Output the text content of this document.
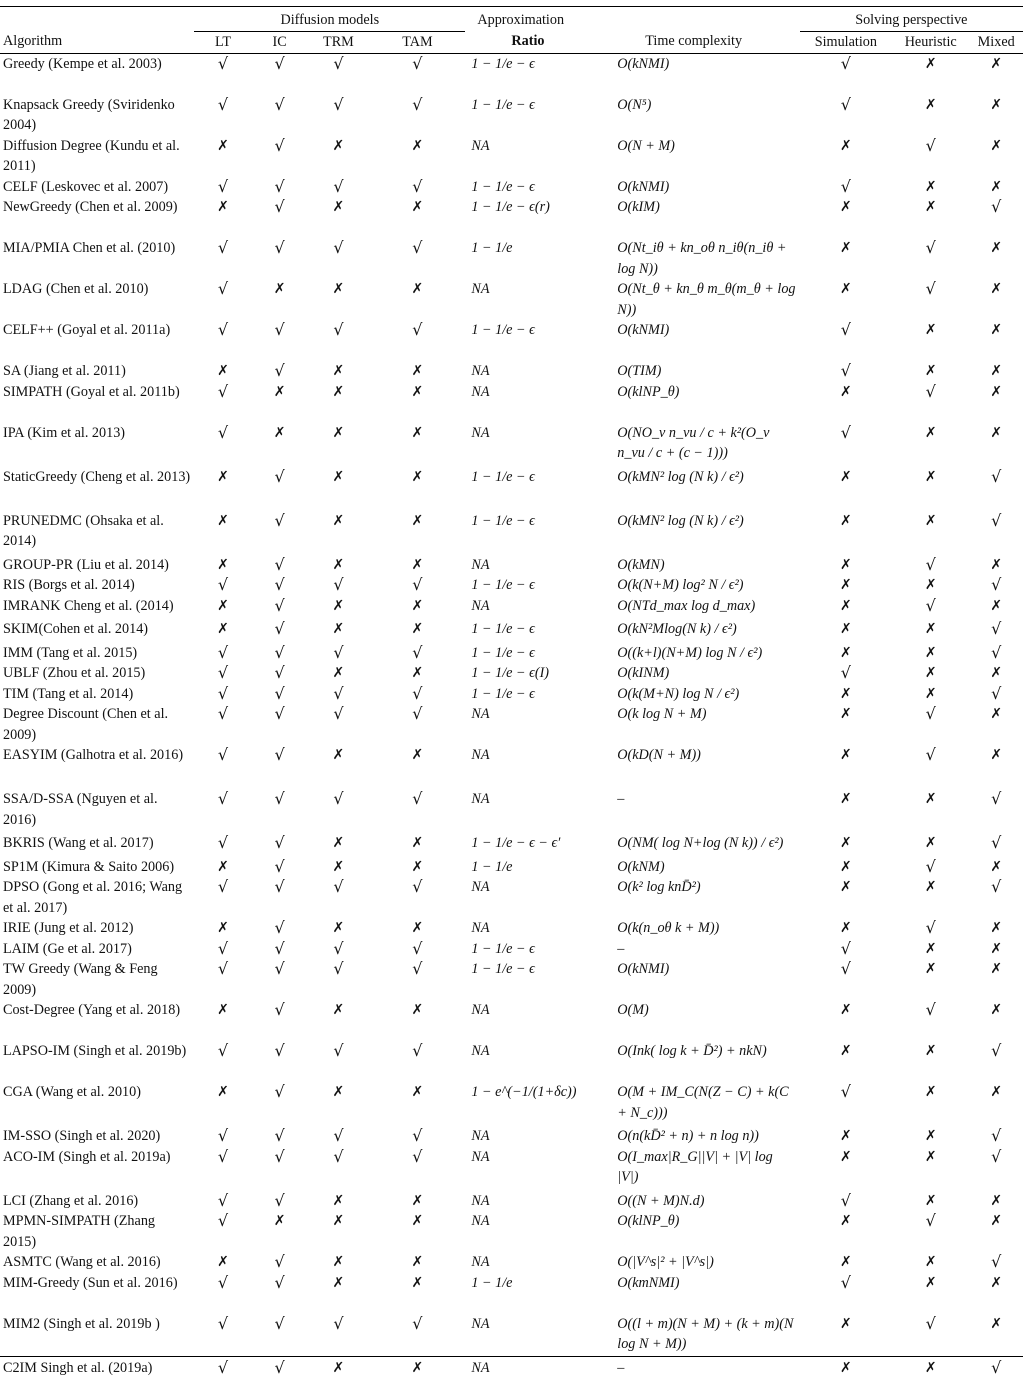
	Diffusion models				Approximation		Solving perspective		
Algorithm	LT	IC	TRM	TAM	Ratio	Time complexity	Simulation	Heuristic	Mixed
Greedy (Kempe et al. 2003)	√	√	√	√	1 − 1/e − ϵ	O(kNMI)	√	✗	✗
Knapsack Greedy (Sviridenko 2004)	√	√	√	√	1 − 1/e − ϵ	O(N⁵)	√	✗	✗
Diffusion Degree (Kundu et al. 2011)	✗	√	✗	✗	NA	O(N + M)	✗	√	✗
CELF (Leskovec et al. 2007)	√	√	√	√	1 − 1/e − ϵ	O(kNMI)	√	✗	✗
NewGreedy (Chen et al. 2009)	✗	√	✗	✗	1 − 1/e − ϵ(r)	O(kIM)	✗	✗	√
MIA/PMIA Chen et al. (2010)	√	√	√	√	1 − 1/e	O(Nt_iθ + kn_oθ n_iθ(n_iθ + log N))	✗	√	✗
LDAG (Chen et al. 2010)	√	✗	✗	✗	NA	O(Nt_θ + kn_θ m_θ(m_θ + log N))	✗	√	✗
CELF++ (Goyal et al. 2011a)	√	√	√	√	1 − 1/e − ϵ	O(kNMI)	√	✗	✗
SA (Jiang et al. 2011)	✗	√	✗	✗	NA	O(TIM)	√	✗	✗
SIMPATH (Goyal et al. 2011b)	√	✗	✗	✗	NA	O(klNP_θ)	✗	√	✗
IPA (Kim et al. 2013)	√	✗	✗	✗	NA	O(NO_v n_vu / c + k²(O_v n_vu / c + (c − 1)))	√	✗	✗
StaticGreedy (Cheng et al. 2013)	✗	√	✗	✗	1 − 1/e − ϵ	O(kMN² log (N k) / ϵ²)	✗	✗	√
PRUNEDMC (Ohsaka et al. 2014)	✗	√	✗	✗	1 − 1/e − ϵ	O(kMN² log (N k) / ϵ²)	✗	✗	√
GROUP-PR (Liu et al. 2014)	✗	√	✗	✗	NA	O(kMN)	✗	√	✗
RIS (Borgs et al. 2014)	√	√	√	√	1 − 1/e − ϵ	O(k(N+M) log² N / ϵ²)	✗	✗	√
IMRANK Cheng et al. (2014)	✗	√	✗	✗	NA	O(NTd_max log d_max)	✗	√	✗
SKIM(Cohen et al. 2014)	✗	√	✗	✗	1 − 1/e − ϵ	O(kN²Mlog(N k) / ϵ²)	✗	✗	√
IMM (Tang et al. 2015)	√	√	√	√	1 − 1/e − ϵ	O((k+l)(N+M) log N / ϵ²)	✗	✗	√
UBLF (Zhou et al. 2015)	√	√	✗	✗	1 − 1/e − ϵ(I)	O(kINM)	√	✗	✗
TIM (Tang et al. 2014)	√	√	√	√	1 − 1/e − ϵ	O(k(M+N) log N / ϵ²)	✗	✗	√
Degree Discount (Chen et al. 2009)	√	√	√	√	NA	O(k log N + M)	✗	√	✗
EASYIM (Galhotra et al. 2016)	√	√	✗	✗	NA	O(kD(N + M))	✗	√	✗
SSA/D-SSA (Nguyen et al. 2016)	√	√	√	√	NA	–	✗	✗	√
BKRIS (Wang et al. 2017)	√	√	✗	✗	1 − 1/e − ϵ − ϵ′	O(NM( log N+log (N k)) / ϵ²)	✗	✗	√
SP1M (Kimura & Saito 2006)	✗	√	✗	✗	1 − 1/e	O(kNM)	✗	√	✗
DPSO (Gong et al. 2016; Wang et al. 2017)	√	√	√	√	NA	O(k² log knD̄²)	✗	✗	√
IRIE (Jung et al. 2012)	✗	√	✗	✗	NA	O(k(n_oθ k + M))	✗	√	✗
LAIM (Ge et al. 2017)	√	√	√	√	1 − 1/e − ϵ	–	√	✗	✗
TW Greedy (Wang & Feng 2009)	√	√	√	√	1 − 1/e − ϵ	O(kNMI)	√	✗	✗
Cost-Degree (Yang et al. 2018)	✗	√	✗	✗	NA	O(M)	✗	√	✗
LAPSO-IM (Singh et al. 2019b)	√	√	√	√	NA	O(Ink( log k + D̄²) + nkN)	✗	✗	√
CGA (Wang et al. 2010)	✗	√	✗	✗	1 − e^(−1/(1+δc))	O(M + IM_C(N(Z − C) + k(C + N_c)))	√	✗	✗
IM-SSO (Singh et al. 2020)	√	√	√	√	NA	O(n(kD̄² + n) + n log n))	✗	✗	√
ACO-IM (Singh et al. 2019a)	√	√	√	√	NA	O(I_max|R_G||V| + |V| log |V|)	✗	✗	√
LCI (Zhang et al. 2016)	√	√	✗	✗	NA	O((N + M)N.d)	√	✗	✗
MPMN-SIMPATH (Zhang 2015)	√	✗	✗	✗	NA	O(klNP_θ)	✗	√	✗
ASMTC (Wang et al. 2016)	✗	√	✗	✗	NA	O(|V^s|² + |V^s|)	✗	✗	√
MIM-Greedy (Sun et al. 2016)	√	√	✗	✗	1 − 1/e	O(kmNMI)	√	✗	✗
MIM2 (Singh et al. 2019b )	√	√	√	√	NA	O((l + m)(N + M) + (k + m)(N log N + M))	✗	√	✗
C2IM Singh et al. (2019a)	√	√	✗	✗	NA	–	✗	✗	√
